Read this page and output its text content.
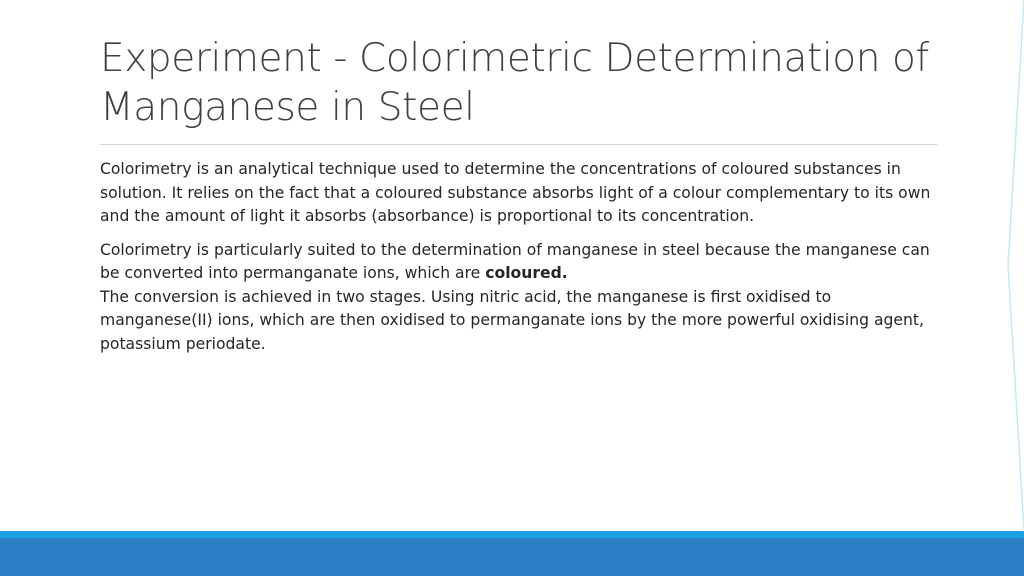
Experiment - Colorimetric Determination of Manganese in Steel

Colorimetry is an analytical technique used to determine the concentrations of coloured substances in solution. It relies on the fact that a coloured substance absorbs light of a colour complementary to its own and the amount of light it absorbs (absorbance) is proportional to its concentration.

Colorimetry is particularly suited to the determination of manganese in steel because the manganese can be converted into permanganate ions, which are coloured.

The conversion is achieved in two stages. Using nitric acid, the manganese is first oxidised to manganese(II) ions, which are then oxidised to permanganate ions by the more powerful oxidising agent, potassium periodate.
